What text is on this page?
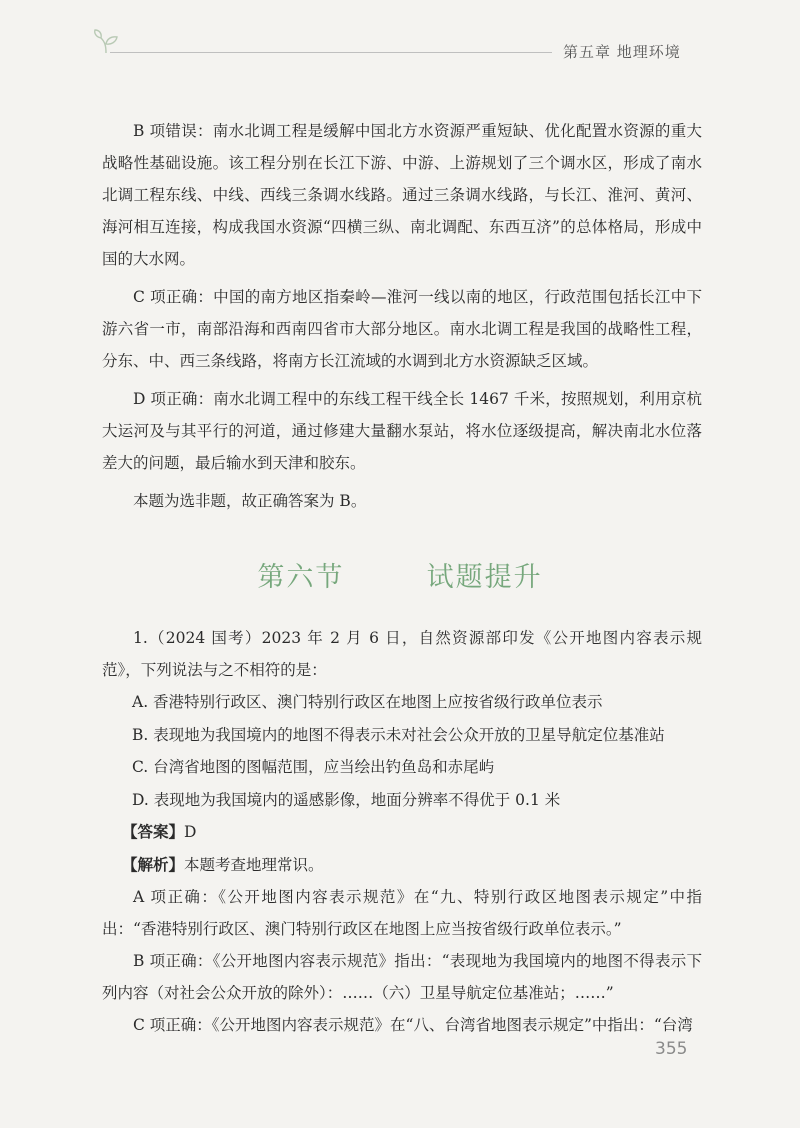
第五章 地理环境

B 项错误：南水北调工程是缓解中国北方水资源严重短缺、优化配置水资源的重大战略性基础设施。该工程分别在长江下游、中游、上游规划了三个调水区，形成了南水北调工程东线、中线、西线三条调水线路。通过三条调水线路，与长江、淮河、黄河、海河相互连接，构成我国水资源“四横三纵、南北调配、东西互济”的总体格局，形成中国的大水网。

C 项正确：中国的南方地区指秦岭—淮河一线以南的地区，行政范围包括长江中下游六省一市，南部沿海和西南四省市大部分地区。南水北调工程是我国的战略性工程，分东、中、西三条线路，将南方长江流域的水调到北方水资源缺乏区域。

D 项正确：南水北调工程中的东线工程干线全长 1467 千米，按照规划，利用京杭大运河及与其平行的河道，通过修建大量翻水泵站，将水位逐级提高，解决南北水位落差大的问题，最后输水到天津和胶东。

本题为选非题，故正确答案为 B。

第六节    试题提升

1.（2024 国考）2023 年 2 月 6 日，自然资源部印发《公开地图内容表示规范》，下列说法与之不相符的是：

A. 香港特别行政区、澳门特别行政区在地图上应按省级行政单位表示

B. 表现地为我国境内的地图不得表示未对社会公众开放的卫星导航定位基准站

C. 台湾省地图的图幅范围，应当绘出钓鱼岛和赤尾屿

D. 表现地为我国境内的遥感影像，地面分辨率不得优于 0.1 米

【答案】D

【解析】本题考查地理常识。

A 项正确：《公开地图内容表示规范》在“九、特别行政区地图表示规定”中指出：“香港特别行政区、澳门特别行政区在地图上应当按省级行政单位表示。”

B 项正确：《公开地图内容表示规范》指出：“表现地为我国境内的地图不得表示下列内容（对社会公众开放的除外）：……（六）卫星导航定位基准站；……”

C 项正确：《公开地图内容表示规范》在“八、台湾省地图表示规定”中指出：“台湾

355
